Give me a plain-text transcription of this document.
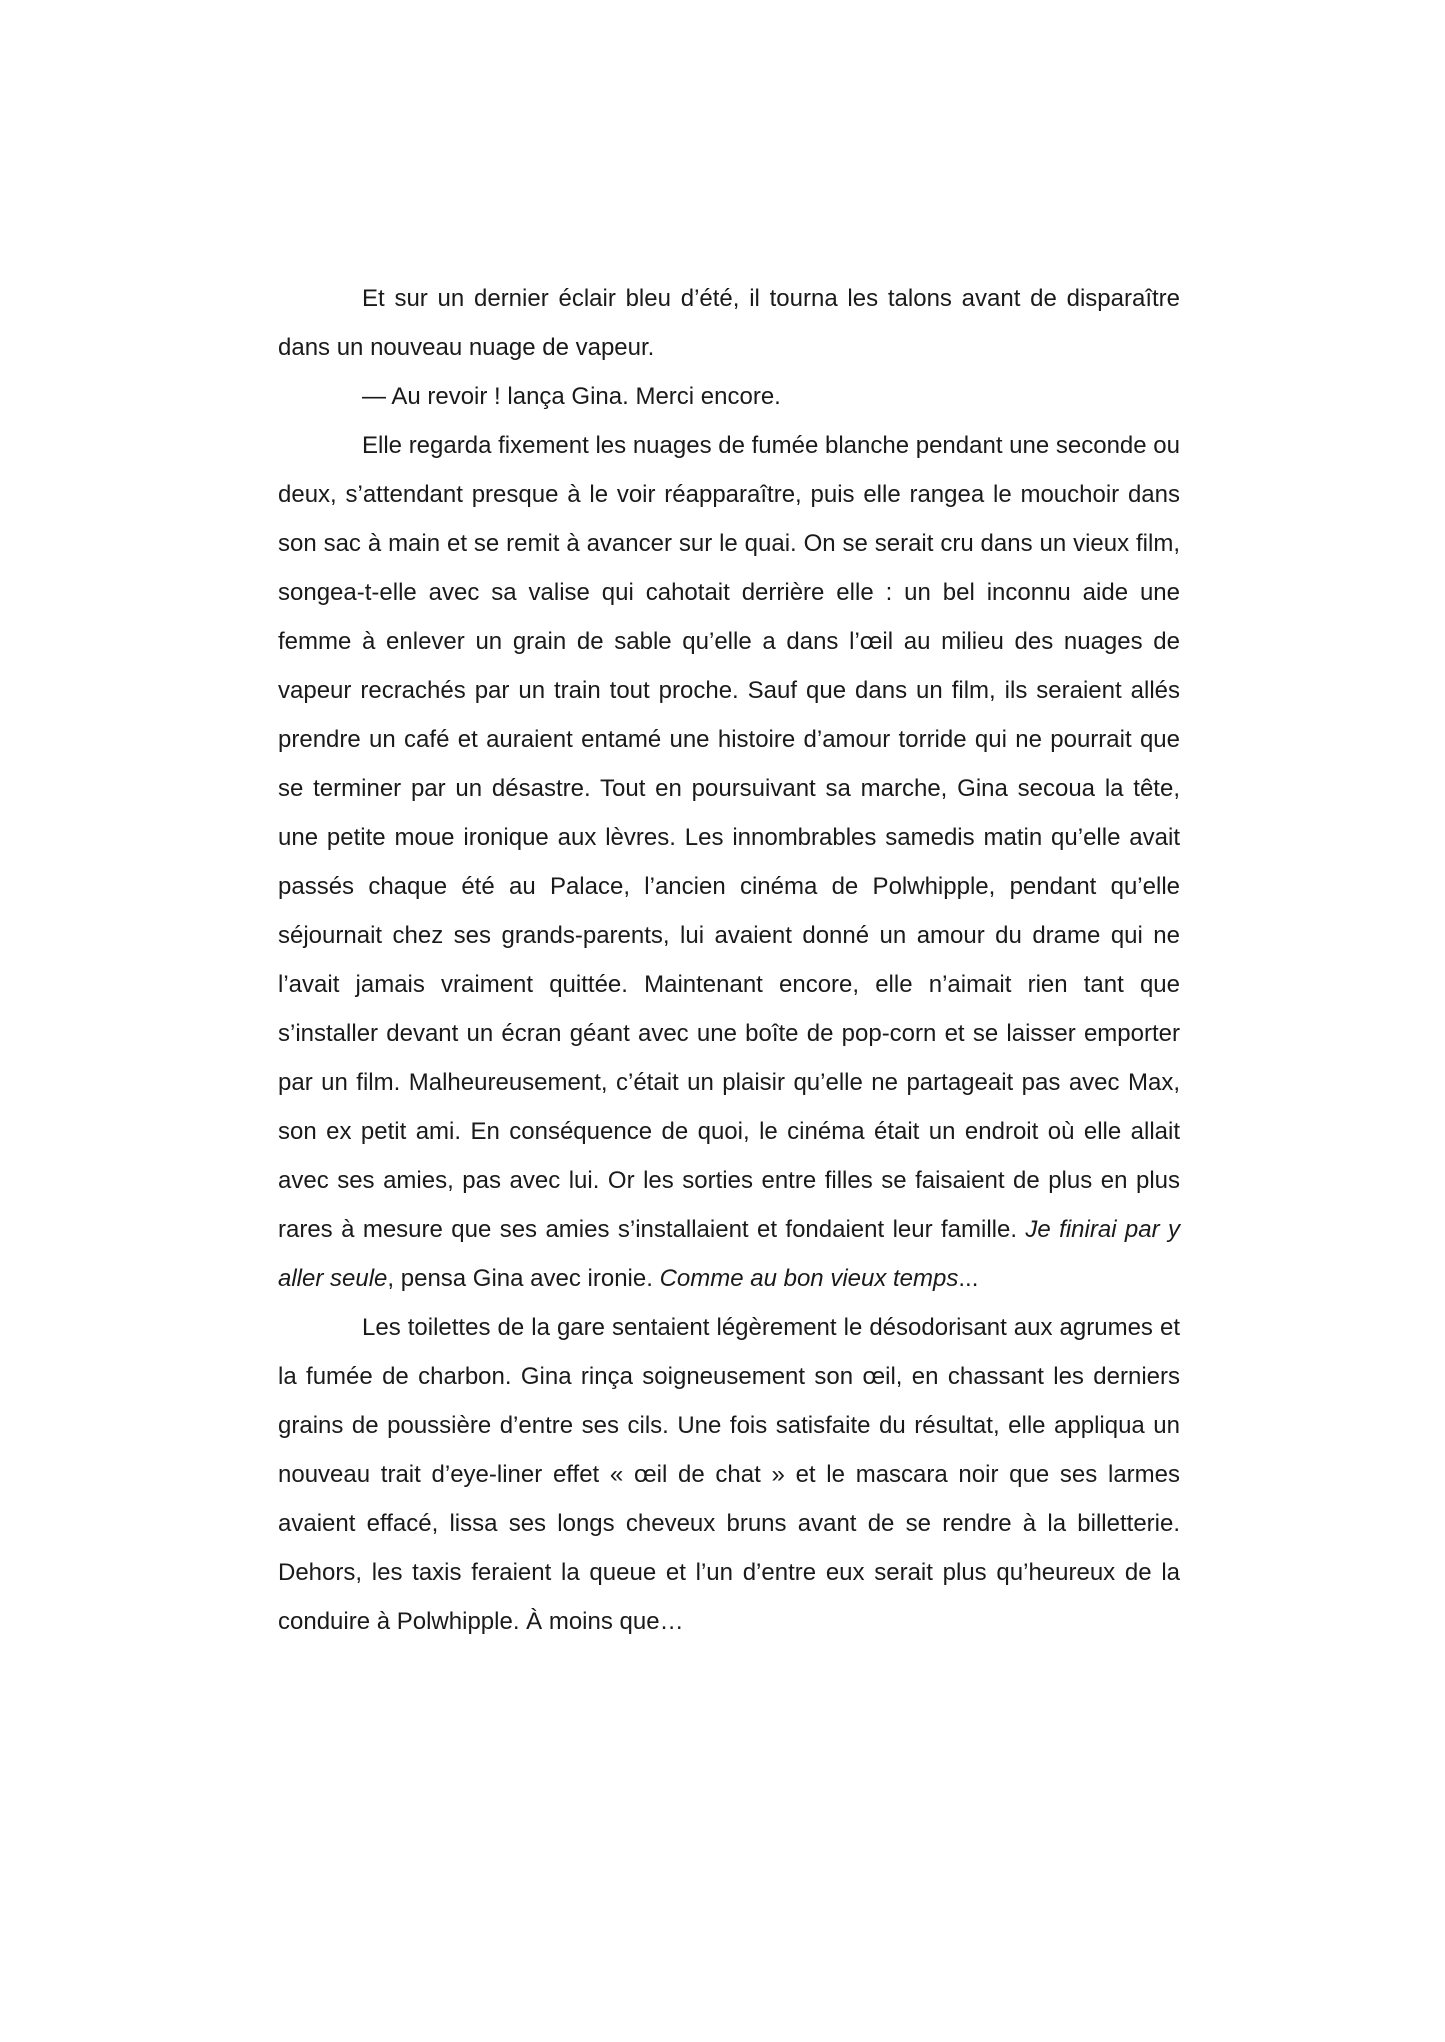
Et sur un dernier éclair bleu d’été, il tourna les talons avant de disparaître dans un nouveau nuage de vapeur.

— Au revoir ! lança Gina. Merci encore.

Elle regarda fixement les nuages de fumée blanche pendant une seconde ou deux, s’attendant presque à le voir réapparaître, puis elle rangea le mouchoir dans son sac à main et se remit à avancer sur le quai. On se serait cru dans un vieux film, songea-t-elle avec sa valise qui cahotait derrière elle : un bel inconnu aide une femme à enlever un grain de sable qu’elle a dans l’œil au milieu des nuages de vapeur recrachés par un train tout proche. Sauf que dans un film, ils seraient allés prendre un café et auraient entamé une histoire d’amour torride qui ne pourrait que se terminer par un désastre. Tout en poursuivant sa marche, Gina secoua la tête, une petite moue ironique aux lèvres. Les innombrables samedis matin qu’elle avait passés chaque été au Palace, l’ancien cinéma de Polwhipple, pendant qu’elle séjournait chez ses grands-parents, lui avaient donné un amour du drame qui ne l’avait jamais vraiment quittée. Maintenant encore, elle n’aimait rien tant que s’installer devant un écran géant avec une boîte de pop-corn et se laisser emporter par un film. Malheureusement, c’était un plaisir qu’elle ne partageait pas avec Max, son ex petit ami. En conséquence de quoi, le cinéma était un endroit où elle allait avec ses amies, pas avec lui. Or les sorties entre filles se faisaient de plus en plus rares à mesure que ses amies s’installaient et fondaient leur famille. Je finirai par y aller seule, pensa Gina avec ironie. Comme au bon vieux temps...

Les toilettes de la gare sentaient légèrement le désodorisant aux agrumes et la fumée de charbon. Gina rinça soigneusement son œil, en chassant les derniers grains de poussière d’entre ses cils. Une fois satisfaite du résultat, elle appliqua un nouveau trait d’eye-liner effet « œil de chat » et le mascara noir que ses larmes avaient effacé, lissa ses longs cheveux bruns avant de se rendre à la billetterie. Dehors, les taxis feraient la queue et l’un d’entre eux serait plus qu’heureux de la conduire à Polwhipple. À moins que…
